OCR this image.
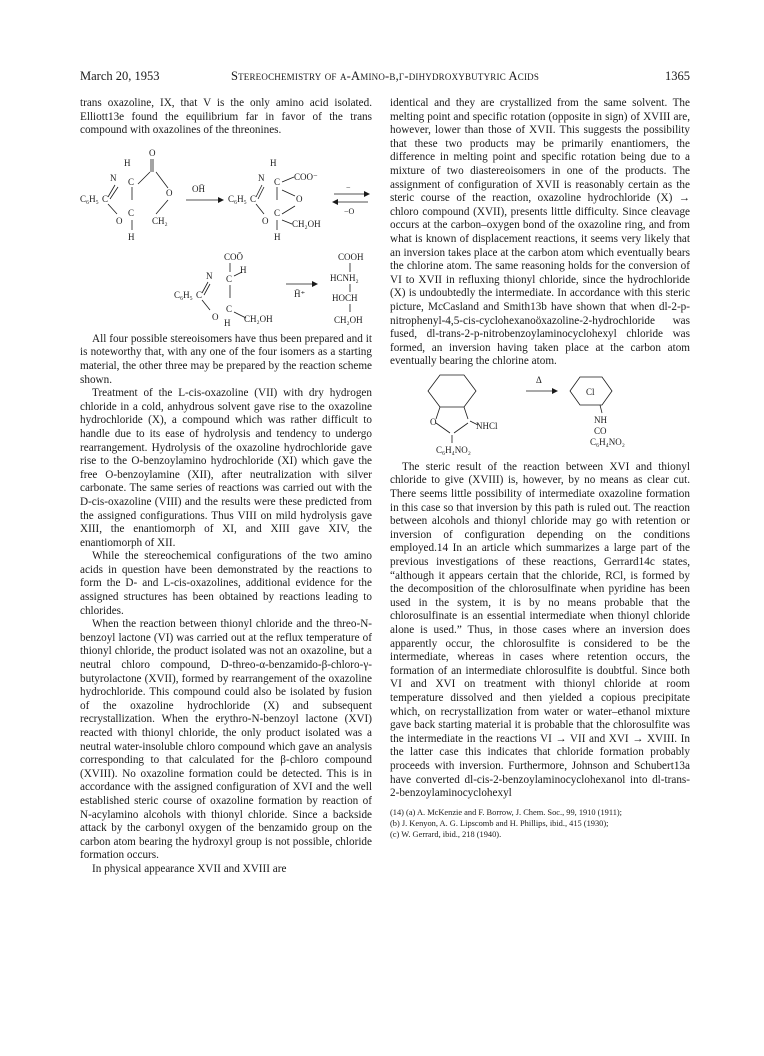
March 20, 1953	Stereochemistry of α-Amino-β,γ-dihydroxybutyric Acids	1365

trans oxazoline, IX, that V is the only amino acid isolated. Elliott13e found the equilibrium far in favor of the trans compound with oxazolines of the threonines.

O
H
N C
O
C₆H₅ C
C
O	CH₂
H
OH̄
H
N C COO⁻
C₆H₅ C	O
C
O	CH₂OH
H
−
−O
COŌ
N C
H
C₆H₅ C
C
O	CH₂OH
H
H̄⁺
COOH
HCNH₂
HOCH
CH₂OH

All four possible stereoisomers have thus been prepared and it is noteworthy that, with any one of the four isomers as a starting material, the other three may be prepared by the reaction scheme shown.

Treatment of the L-cis-oxazoline (VII) with dry hydrogen chloride in a cold, anhydrous solvent gave rise to the oxazoline hydrochloride (X), a compound which was rather difficult to handle due to its ease of hydrolysis and tendency to undergo rearrangement. Hydrolysis of the oxazoline hydrochloride gave rise to the O-benzoylamino hydrochloride (XI) which gave the free O-benzoylamine (XII), after neutralization with silver carbonate. The same series of reactions was carried out with the D-cis-oxazoline (VIII) and the results were these predicted from the assigned configurations. Thus VIII on mild hydrolysis gave XIII, the enantiomorph of XI, and XIII gave XIV, the enantiomorph of XII.

While the stereochemical configurations of the two amino acids in question have been demonstrated by the reactions to form the D- and L-cis-oxazolines, additional evidence for the assigned structures has been obtained by reactions leading to chlorides.

When the reaction between thionyl chloride and the threo-N-benzoyl lactone (VI) was carried out at the reflux temperature of thionyl chloride, the product isolated was not an oxazoline, but a neutral chloro compound, D-threo-α-benzamido-β-chloro-γ-butyrolactone (XVII), formed by rearrangement of the oxazoline hydrochloride. This compound could also be isolated by fusion of the oxazoline hydrochloride (X) and subsequent recrystallization. When the erythro-N-benzoyl lactone (XVI) reacted with thionyl chloride, the only product isolated was a neutral water-insoluble chloro compound which gave an analysis corresponding to that calculated for the β-chloro compound (XVIII). No oxazoline formation could be detected. This is in accordance with the assigned configuration of XVI and the well established steric course of oxazoline formation by reaction of N-acylamino alcohols with thionyl chloride. Since a backside attack by the carbonyl oxygen of the benzamido group on the carbon atom bearing the hydroxyl group is not possible, chloride formation occurs.

In physical appearance XVII and XVIII are

identical and they are crystallized from the same solvent. The melting point and specific rotation (opposite in sign) of XVIII are, however, lower than those of XVII. This suggests the possibility that these two products may be primarily enantiomers, the difference in melting point and specific rotation being due to a mixture of two diastereoisomers in one of the products. The assignment of configuration of XVII is reasonably certain as the steric course of the reaction, oxazoline hydrochloride (X) → chloro compound (XVII), presents little difficulty. Since cleavage occurs at the carbon–oxygen bond of the oxazoline ring, and from what is known of displacement reactions, it seems very likely that an inversion takes place at the carbon atom which eventually bears the chlorine atom. The same reasoning holds for the conversion of VI to XVII in refluxing thionyl chloride, since the hydrochloride (X) is undoubtedly the intermediate. In accordance with this steric picture, McCasland and Smith13b have shown that when dl-2-p-nitrophenyl-4,5-cis-cyclohexanoöxazoline-2-hydrochloride was fused, dl-trans-2-p-nitrobenzoylaminocyclohexyl chloride was formed, an inversion having taken place at the carbon atom eventually bearing the chlorine atom.

O	NHCl
C₆H₄NO₂
Δ
Cl
NH
CO
C₆H₄NO₂

The steric result of the reaction between XVI and thionyl chloride to give (XVIII) is, however, by no means as clear cut. There seems little possibility of intermediate oxazoline formation in this case so that inversion by this path is ruled out. The reaction between alcohols and thionyl chloride may go with retention or inversion of configuration depending on the conditions employed.14 In an article which summarizes a large part of the previous investigations of these reactions, Gerrard14c states, “although it appears certain that the chloride, RCl, is formed by the decomposition of the chlorosulfinate when pyridine has been used in the system, it is by no means probable that the chlorosulfinate is an essential intermediate when thionyl chloride alone is used.” Thus, in those cases where an inversion does apparently occur, the chlorosulfite is considered to be the intermediate, whereas in cases where retention occurs, the formation of an intermediate chlorosulfite is doubtful. Since both VI and XVI on treatment with thionyl chloride at room temperature dissolved and then yielded a copious precipitate which, on recrystallization from water or water–ethanol mixture gave back starting material it is probable that the chlorosulfite was the intermediate in the reactions VI → VII and XVI → XVIII. In the latter case this indicates that chloride formation probably proceeds with inversion. Furthermore, Johnson and Schubert13a have converted dl-cis-2-benzoylaminocyclohexanol into dl-trans-2-benzoylaminocyclohexyl

(14) (a) A. McKenzie and F. Borrow, J. Chem. Soc., 99, 1910 (1911);

(b) J. Kenyon, A. G. Lipscomb and H. Phillips, ibid., 415 (1930);

(c) W. Gerrard, ibid., 218 (1940).
